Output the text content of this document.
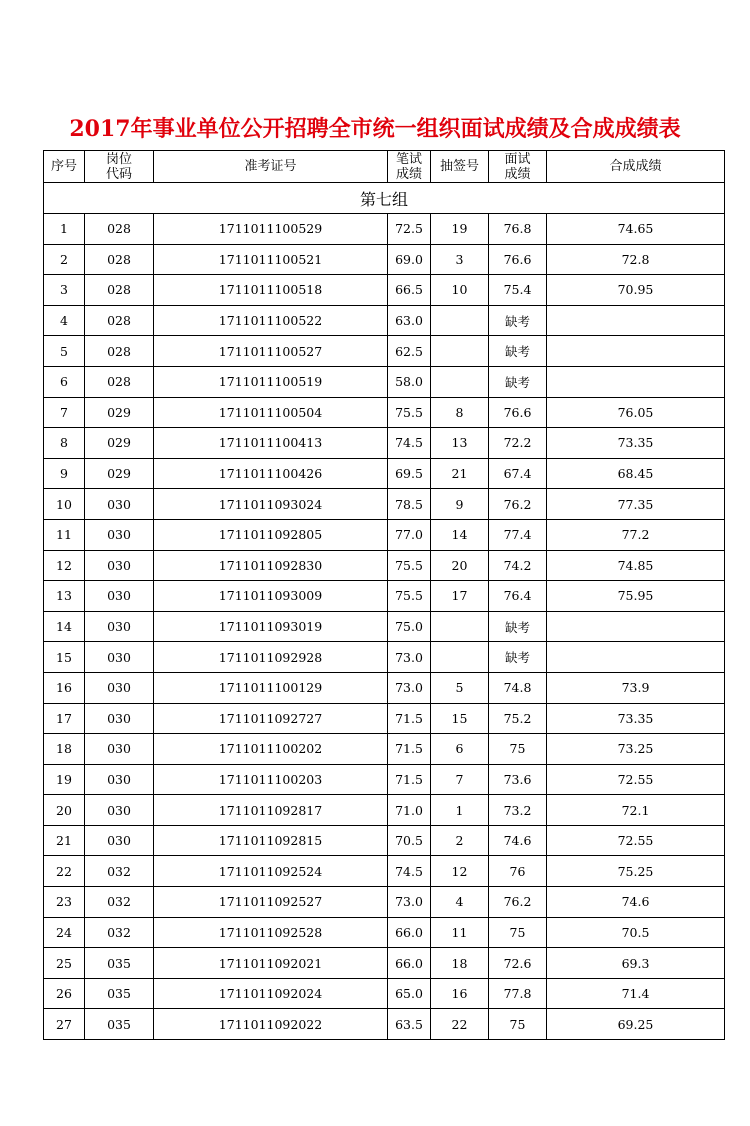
2017年事业单位公开招聘全市统一组织面试成绩及合成成绩表
序号	岗位代码	准考证号	笔试成绩	抽签号	面试成绩	合成成绩
第七组						
1	028	1711011100529	72.5	19	76.8	74.65
2	028	1711011100521	69.0	3	76.6	72.8
3	028	1711011100518	66.5	10	75.4	70.95
4	028	1711011100522	63.0		缺考	
5	028	1711011100527	62.5		缺考	
6	028	1711011100519	58.0		缺考	
7	029	1711011100504	75.5	8	76.6	76.05
8	029	1711011100413	74.5	13	72.2	73.35
9	029	1711011100426	69.5	21	67.4	68.45
10	030	1711011093024	78.5	9	76.2	77.35
11	030	1711011092805	77.0	14	77.4	77.2
12	030	1711011092830	75.5	20	74.2	74.85
13	030	1711011093009	75.5	17	76.4	75.95
14	030	1711011093019	75.0		缺考	
15	030	1711011092928	73.0		缺考	
16	030	1711011100129	73.0	5	74.8	73.9
17	030	1711011092727	71.5	15	75.2	73.35
18	030	1711011100202	71.5	6	75	73.25
19	030	1711011100203	71.5	7	73.6	72.55
20	030	1711011092817	71.0	1	73.2	72.1
21	030	1711011092815	70.5	2	74.6	72.55
22	032	1711011092524	74.5	12	76	75.25
23	032	1711011092527	73.0	4	76.2	74.6
24	032	1711011092528	66.0	11	75	70.5
25	035	1711011092021	66.0	18	72.6	69.3
26	035	1711011092024	65.0	16	77.8	71.4
27	035	1711011092022	63.5	22	75	69.25
